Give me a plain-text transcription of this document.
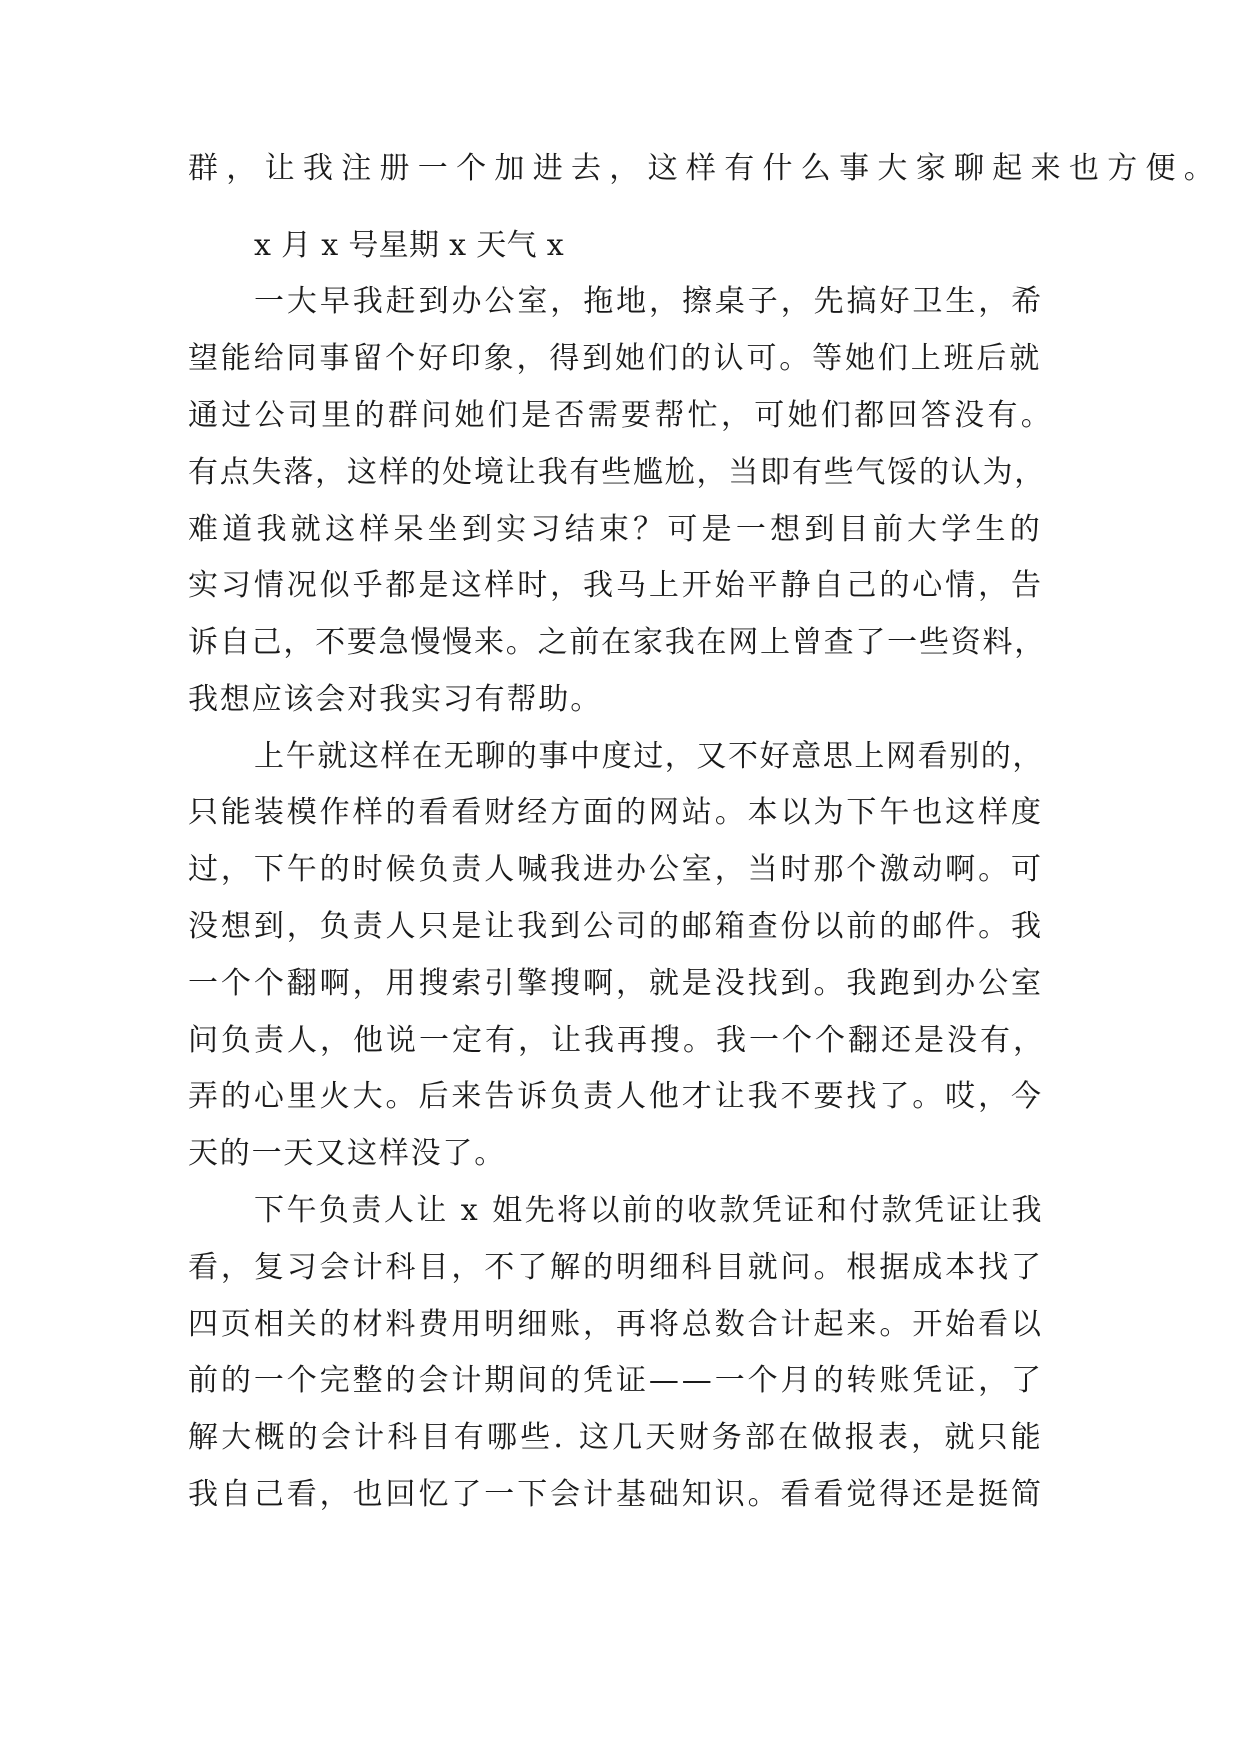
群，让我注册一个加进去，这样有什么事大家聊起来也方便。
x 月 x 号星期 x 天气 x
一大早我赶到办公室，拖地，擦桌子，先搞好卫生，希
望能给同事留个好印象，得到她们的认可。等她们上班后就
通过公司里的群问她们是否需要帮忙，可她们都回答没有。
有点失落，这样的处境让我有些尴尬，当即有些气馁的认为，
难道我就这样呆坐到实习结束？可是一想到目前大学生的
实习情况似乎都是这样时，我马上开始平静自己的心情，告
诉自己，不要急慢慢来。之前在家我在网上曾查了一些资料，
我想应该会对我实习有帮助。
上午就这样在无聊的事中度过，又不好意思上网看别的，
只能装模作样的看看财经方面的网站。本以为下午也这样度
过，下午的时候负责人喊我进办公室，当时那个激动啊。可
没想到，负责人只是让我到公司的邮箱查份以前的邮件。我
一个个翻啊，用搜索引擎搜啊，就是没找到。我跑到办公室
问负责人，他说一定有，让我再搜。我一个个翻还是没有，
弄的心里火大。后来告诉负责人他才让我不要找了。哎，今
天的一天又这样没了。
下午负责人让 x 姐先将以前的收款凭证和付款凭证让我
看，复习会计科目，不了解的明细科目就问。根据成本找了
四页相关的材料费用明细账，再将总数合计起来。开始看以
前的一个完整的会计期间的凭证——一个月的转账凭证，了
解大概的会计科目有哪些. 这几天财务部在做报表，就只能
我自己看，也回忆了一下会计基础知识。看看觉得还是挺简
